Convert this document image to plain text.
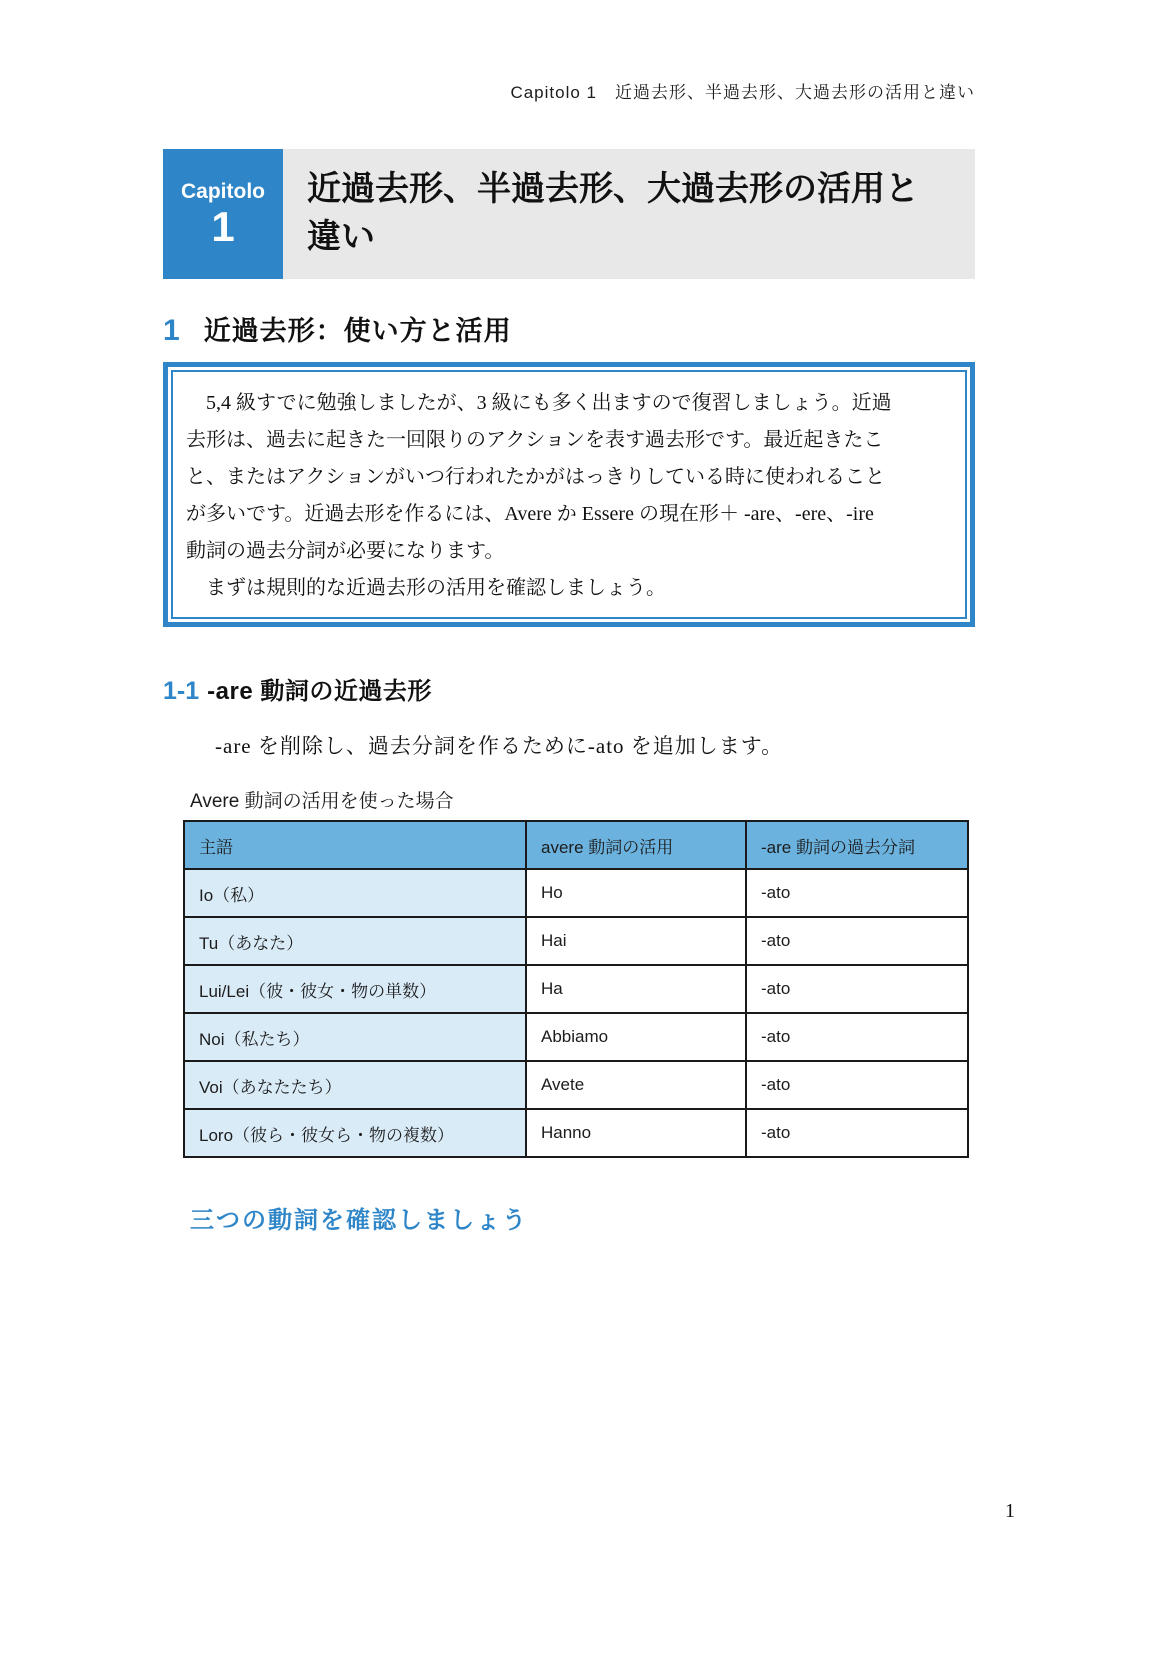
Capitolo 1　近過去形、半過去形、大過去形の活用と違い
Capitolo
1
近過去形、半過去形、大過去形の活用と違い
1 近過去形：使い方と活用
　5,4 級すでに勉強しましたが、3 級にも多く出ますので復習しましょう。近過
去形は、過去に起きた一回限りのアクションを表す過去形です。最近起きたこ
と、またはアクションがいつ行われたかがはっきりしている時に使われること
が多いです。近過去形を作るには、Avere か Essere の現在形＋ -are、-ere、-ire
動詞の過去分詞が必要になります。
　まずは規則的な近過去形の活用を確認しましょう。
1-1 -are 動詞の近過去形
-are を削除し、過去分詞を作るために-ato を追加します。
Avere 動詞の活用を使った場合
主語	avere 動詞の活用	-are 動詞の過去分詞
Io（私）	Ho	-ato
Tu（あなた）	Hai	-ato
Lui/Lei（彼・彼女・物の単数）	Ha	-ato
Noi（私たち）	Abbiamo	-ato
Voi（あなたたち）	Avete	-ato
Loro（彼ら・彼女ら・物の複数）	Hanno	-ato
三つの動詞を確認しましょう
1
